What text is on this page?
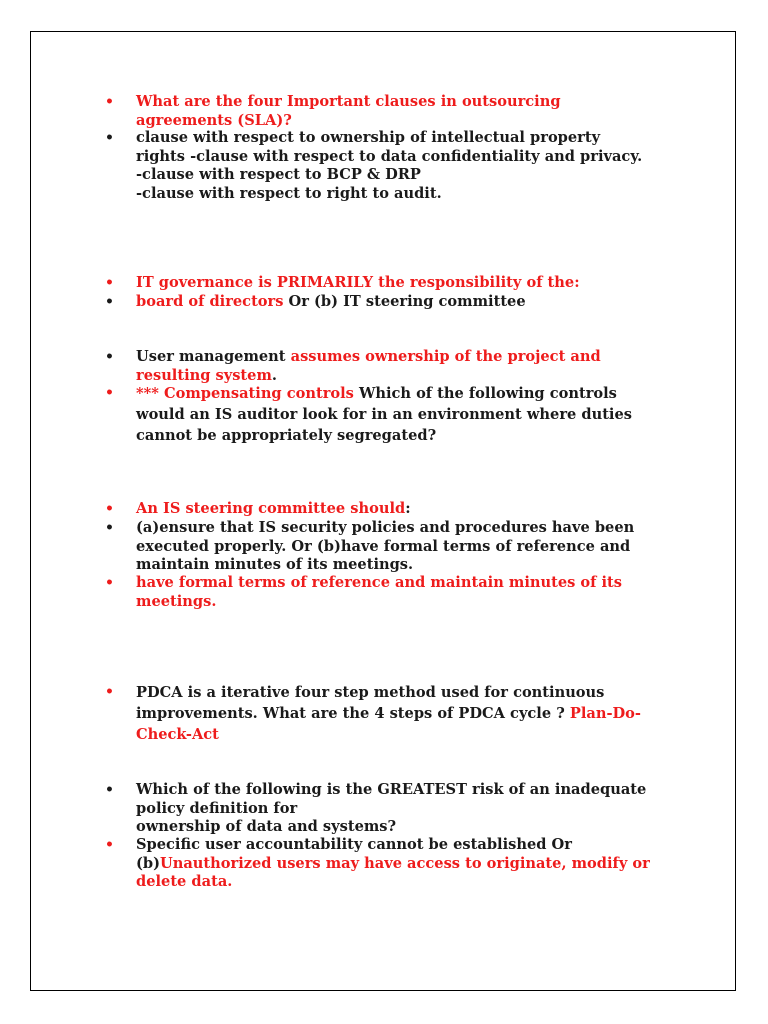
• What are the four Important clauses in outsourcing
agreements (SLA)?
• clause with respect to ownership of intellectual property
rights -clause with respect to data confidentiality and privacy.
-clause with respect to BCP & DRP
-clause with respect to right to audit.
• IT governance is PRIMARILY the responsibility of the:
• board of directors Or (b) IT steering committee
• User management assumes ownership of the project and
resulting system.
• *** Compensating controls Which of the following controls
would an IS auditor look for in an environment where duties
cannot be appropriately segregated?
• An IS steering committee should:
• (a)ensure that IS security policies and procedures have been
executed properly. Or (b)have formal terms of reference and
maintain minutes of its meetings.
• have formal terms of reference and maintain minutes of its
meetings.
• PDCA is a iterative four step method used for continuous
improvements. What are the 4 steps of PDCA cycle ? Plan-Do-
Check-Act
• Which of the following is the GREATEST risk of an inadequate
policy definition for
ownership of data and systems?
• Specific user accountability cannot be established Or
(b)Unauthorized users may have access to originate, modify or
delete data.
